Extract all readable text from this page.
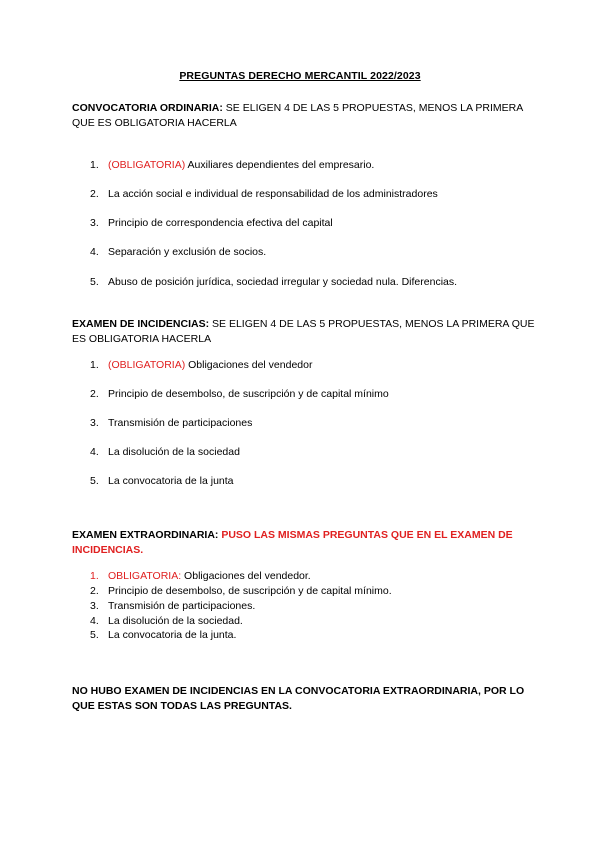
PREGUNTAS DERECHO MERCANTIL 2022/2023
CONVOCATORIA ORDINARIA: SE ELIGEN 4 DE LAS 5 PROPUESTAS, MENOS LA PRIMERA QUE ES OBLIGATORIA HACERLA
1. (OBLIGATORIA) Auxiliares dependientes del empresario.
2. La acción social e individual de responsabilidad de los administradores
3. Principio de correspondencia efectiva del capital
4. Separación y exclusión de socios.
5. Abuso de posición jurídica, sociedad irregular y sociedad nula. Diferencias.
EXAMEN DE INCIDENCIAS: SE ELIGEN 4 DE LAS 5 PROPUESTAS, MENOS LA PRIMERA QUE ES OBLIGATORIA HACERLA
1. (OBLIGATORIA) Obligaciones del vendedor
2. Principio de desembolso, de suscripción y de capital mínimo
3. Transmisión de participaciones
4. La disolución de la sociedad
5. La convocatoria de la junta
EXAMEN EXTRAORDINARIA: PUSO LAS MISMAS PREGUNTAS QUE EN EL EXAMEN DE INCIDENCIAS.
1. OBLIGATORIA: Obligaciones del vendedor.
2. Principio de desembolso, de suscripción y de capital mínimo.
3. Transmisión de participaciones.
4. La disolución de la sociedad.
5. La convocatoria de la junta.
NO HUBO EXAMEN DE INCIDENCIAS EN LA CONVOCATORIA EXTRAORDINARIA, POR LO QUE ESTAS SON TODAS LAS PREGUNTAS.
